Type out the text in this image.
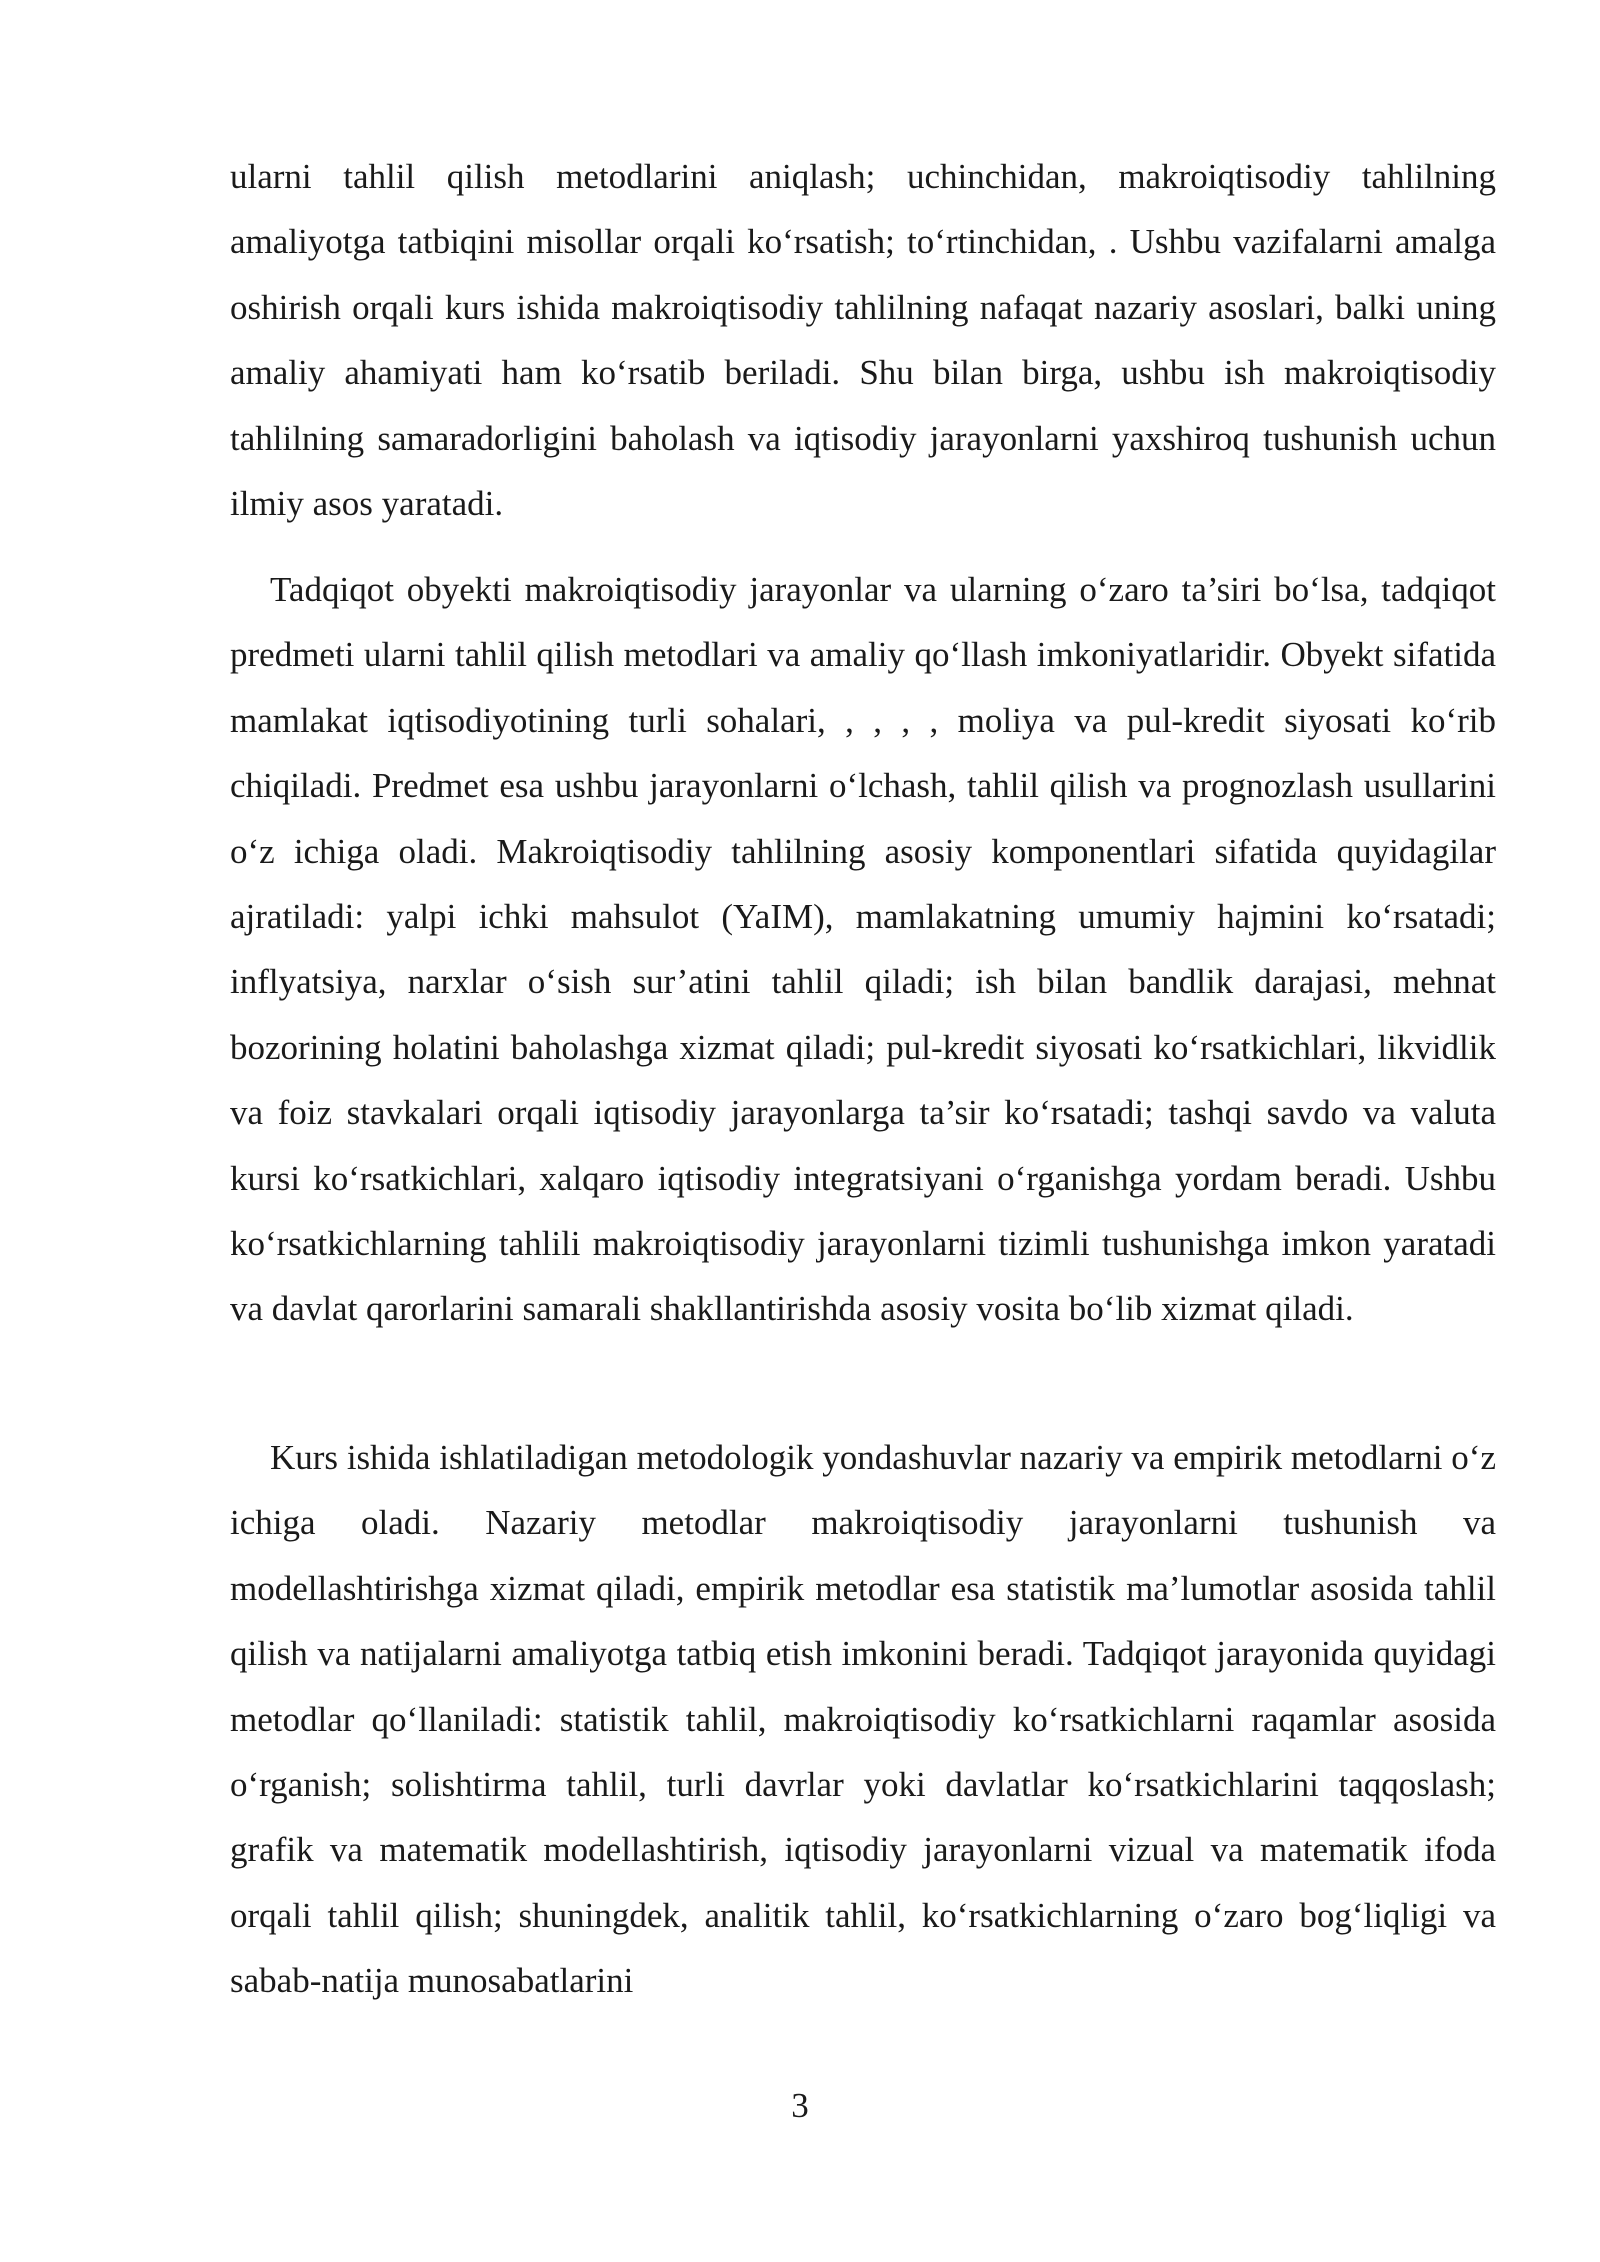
ularni tahlil qilish metodlarini aniqlash; uchinchidan, makroiqtisodiy tahlilning amaliyotga tatbiqini misollar orqali ko‘rsatish; to‘rtinchidan, . Ushbu vazifalarni amalga oshirish orqali kurs ishida makroiqtisodiy tahlilning nafaqat nazariy asoslari, balki uning amaliy ahamiyati ham ko‘rsatib beriladi. Shu bilan birga, ushbu ish makroiqtisodiy tahlilning samaradorligini baholash va iqtisodiy jarayonlarni yaxshiroq tushunish uchun ilmiy asos yaratadi.

Tadqiqot obyekti makroiqtisodiy jarayonlar va ularning o‘zaro ta’siri bo‘lsa, tadqiqot predmeti ularni tahlil qilish metodlari va amaliy qo‘llash imkoniyatlaridir. Obyekt sifatida mamlakat iqtisodiyotining turli sohalari, , , , , moliya va pul-kredit siyosati ko‘rib chiqiladi. Predmet esa ushbu jarayonlarni o‘lchash, tahlil qilish va prognozlash usullarini o‘z ichiga oladi. Makroiqtisodiy tahlilning asosiy komponentlari sifatida quyidagilar ajratiladi: yalpi ichki mahsulot (YaIM), mamlakatning umumiy hajmini ko‘rsatadi; inflyatsiya, narxlar o‘sish sur’atini tahlil qiladi; ish bilan bandlik darajasi, mehnat bozorining holatini baholashga xizmat qiladi; pul-kredit siyosati ko‘rsatkichlari, likvidlik va foiz stavkalari orqali iqtisodiy jarayonlarga ta’sir ko‘rsatadi; tashqi savdo va valuta kursi ko‘rsatkichlari, xalqaro iqtisodiy integratsiyani o‘rganishga yordam beradi. Ushbu ko‘rsatkichlarning tahlili makroiqtisodiy jarayonlarni tizimli tushunishga imkon yaratadi va davlat qarorlarini samarali shakllantirishda asosiy vosita bo‘lib xizmat qiladi.

Kurs ishida ishlatiladigan metodologik yondashuvlar nazariy va empirik metodlarni o‘z ichiga oladi. Nazariy metodlar makroiqtisodiy jarayonlarni tushunish va modellashtirishga xizmat qiladi, empirik metodlar esa statistik ma’lumotlar asosida tahlil qilish va natijalarni amaliyotga tatbiq etish imkonini beradi. Tadqiqot jarayonida quyidagi metodlar qo‘llaniladi: statistik tahlil, makroiqtisodiy ko‘rsatkichlarni raqamlar asosida o‘rganish; solishtirma tahlil, turli davrlar yoki davlatlar ko‘rsatkichlarini taqqoslash; grafik va matematik modellashtirish, iqtisodiy jarayonlarni vizual va matematik ifoda orqali tahlil qilish; shuningdek, analitik tahlil, ko‘rsatkichlarning o‘zaro bog‘liqligi va sabab-natija munosabatlarini

3
